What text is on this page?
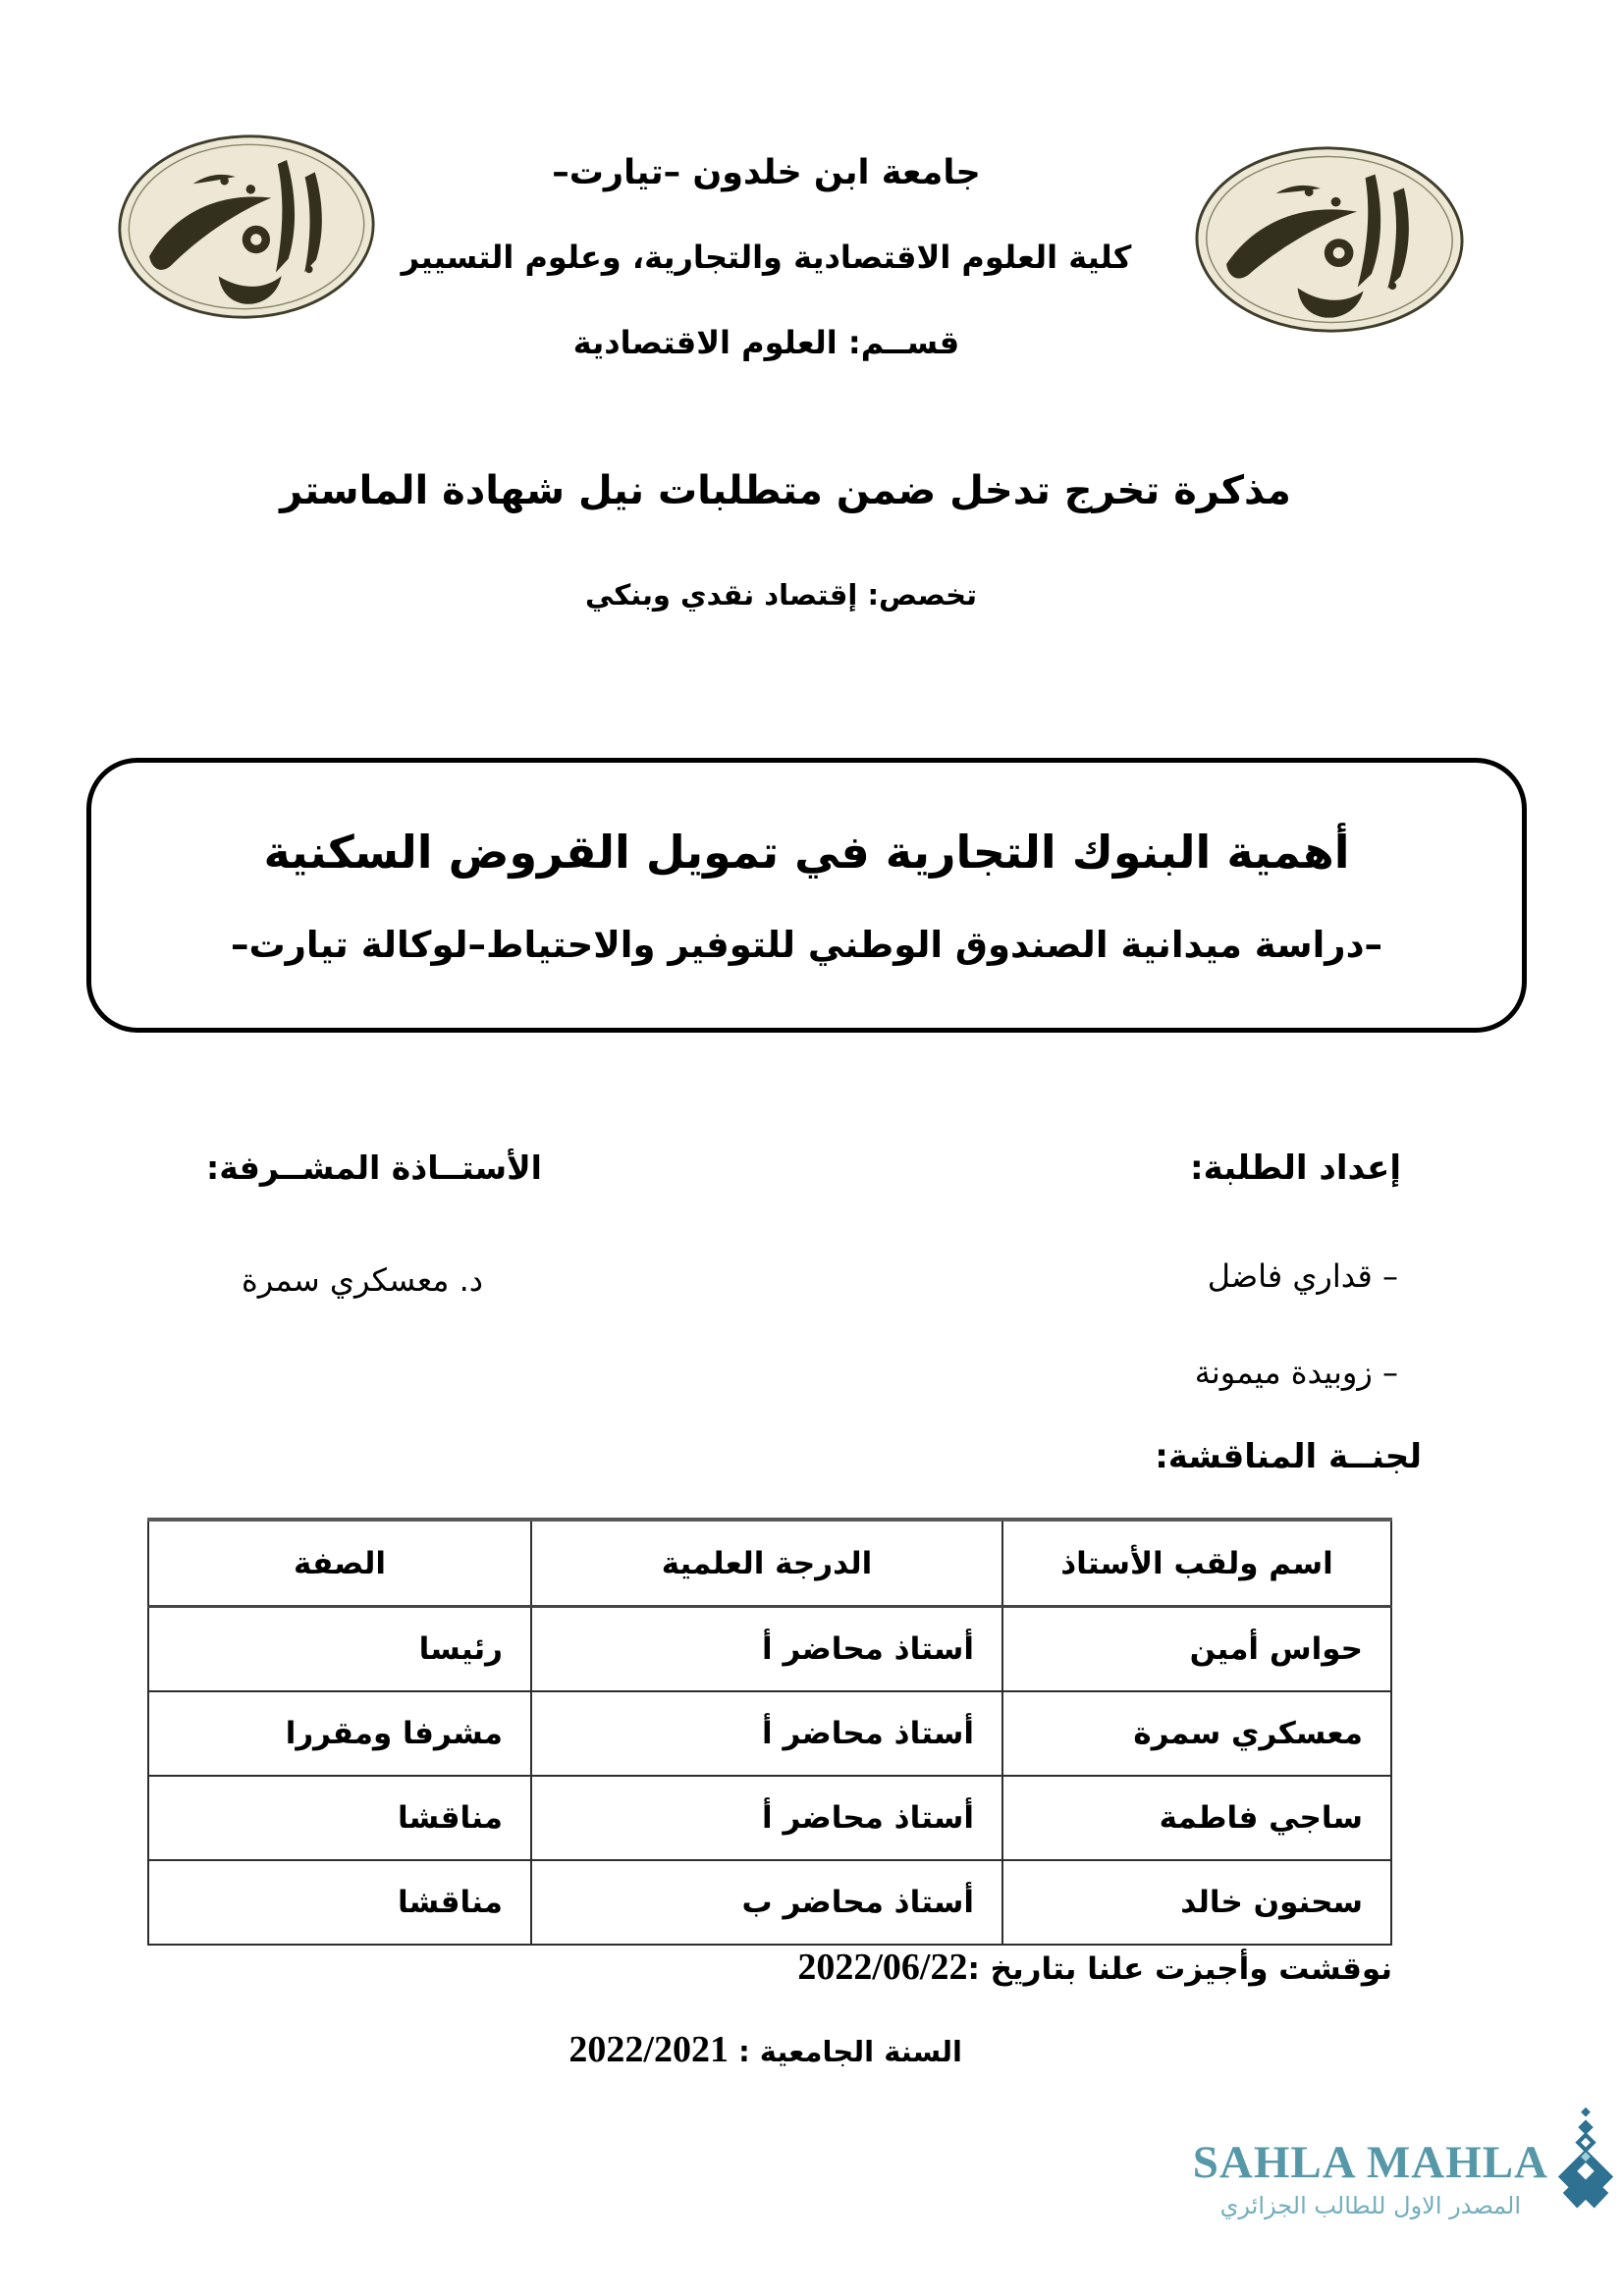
جامعة ابن خلدون –تيارت–
كلية العلوم الاقتصادية والتجارية، وعلوم التسيير
قســم: العلوم الاقتصادية
مذكرة تخرج تدخل ضمن متطلبات نيل شهادة الماستر
تخصص: إقتصاد نقدي وبنكي
أهمية البنوك التجارية في تمويل القروض السكنية
–دراسة ميدانية الصندوق الوطني للتوفير والاحتياط–لوكالة تيارت–
إعداد الطلبة:
– قداري فاضل
– زوبيدة ميمونة
الأستــاذة المشــرفة:
د. معسكري سمرة
لجنــة المناقشة:
اسم ولقب الأستاذ	الدرجة العلمية	الصفة
حواس أمين	أستاذ محاضر أ	رئيسا
معسكري سمرة	أستاذ محاضر أ	مشرفا ومقررا
ساجي فاطمة	أستاذ محاضر أ	مناقشا
سحنون خالد	أستاذ محاضر ب	مناقشا
نوقشت وأجيزت علنا بتاريخ :2022/06/22
السنة الجامعية : 2022/2021
SAHLA MAHLA
المصدر الاول للطالب الجزائري
